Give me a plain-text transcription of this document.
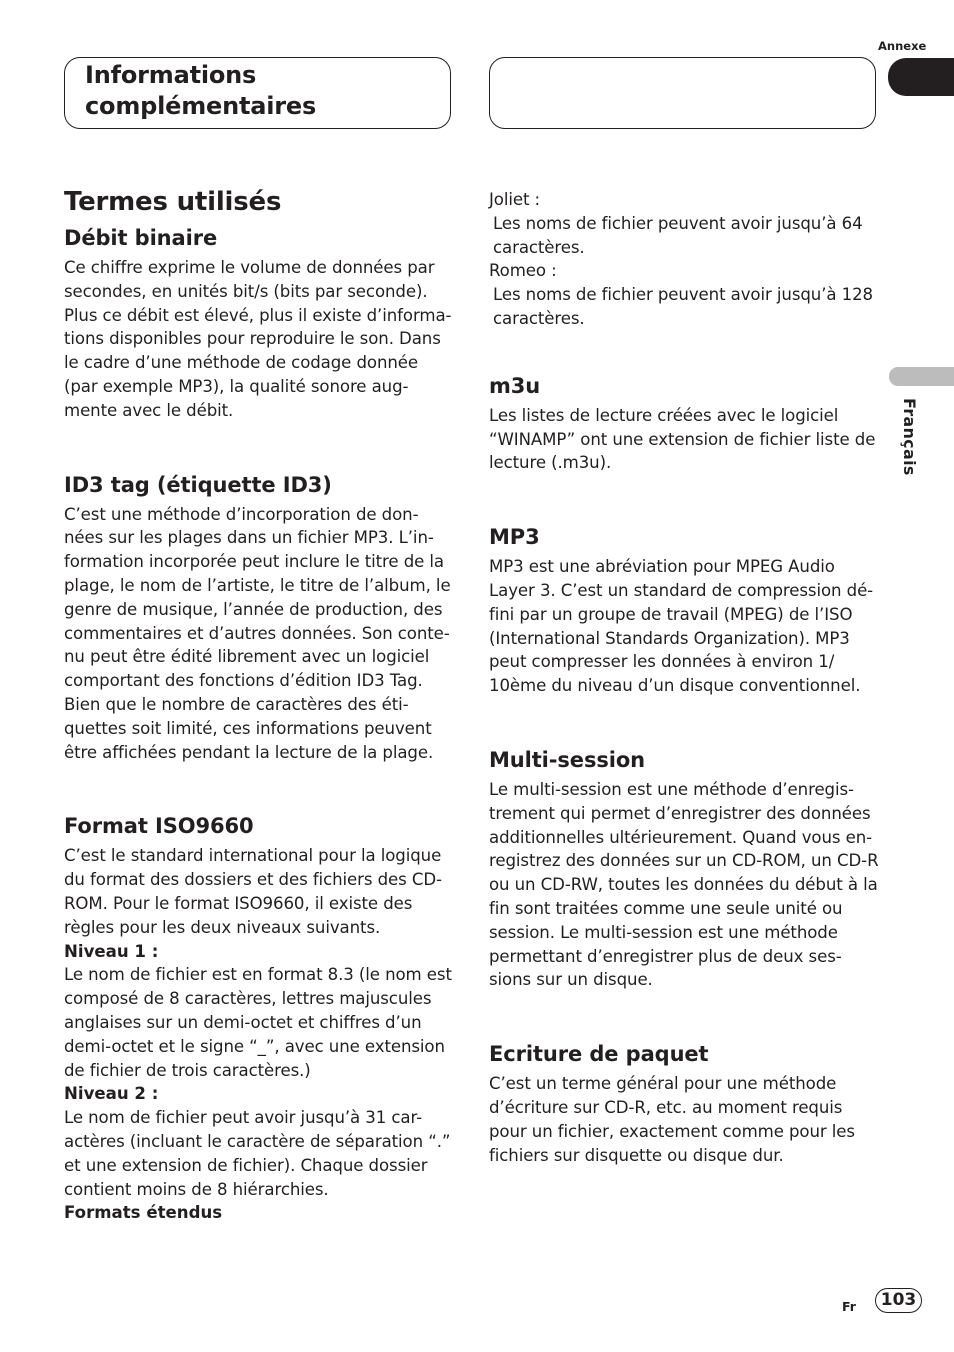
Informations
complémentaires
Annexe
Français
Termes utilisés
Débit binaire

Ce chiffre exprime le volume de données par secondes, en unités bit/s (bits par seconde). Plus ce débit est élevé, plus il existe d’informa-tions disponibles pour reproduire le son. Dans le cadre d’une méthode de codage donnée (par exemple MP3), la qualité sonore aug-mente avec le débit.

ID3 tag (étiquette ID3)

C’est une méthode d’incorporation de don-nées sur les plages dans un fichier MP3. L’in-formation incorporée peut inclure le titre de la plage, le nom de l’artiste, le titre de l’album, le genre de musique, l’année de production, des commentaires et d’autres données. Son conte-nu peut être édité librement avec un logiciel comportant des fonctions d’édition ID3 Tag. Bien que le nombre de caractères des éti-quettes soit limité, ces informations peuvent être affichées pendant la lecture de la plage.

Format ISO9660

C’est le standard international pour la logique du format des dossiers et des fichiers des CD-ROM. Pour le format ISO9660, il existe des règles pour les deux niveaux suivants.

Niveau 1 :

Le nom de fichier est en format 8.3 (le nom est composé de 8 caractères, lettres majuscules anglaises sur un demi-octet et chiffres d’un demi-octet et le signe “_”, avec une extension de fichier de trois caractères.)

Niveau 2 :

Le nom de fichier peut avoir jusqu’à 31 car-actères (incluant le caractère de séparation “.” et une extension de fichier). Chaque dossier contient moins de 8 hiérarchies.

Formats étendus

Joliet :

Les noms de fichier peuvent avoir jusqu’à 64 caractères.

Romeo :

Les noms de fichier peuvent avoir jusqu’à 128 caractères.

m3u

Les listes de lecture créées avec le logiciel “WINAMP” ont une extension de fichier liste de lecture (.m3u).

MP3

MP3 est une abréviation pour MPEG Audio Layer 3. C’est un standard de compression dé-fini par un groupe de travail (MPEG) de l’ISO (International Standards Organization). MP3 peut compresser les données à environ 1/ 10ème du niveau d’un disque conventionnel.

Multi-session

Le multi-session est une méthode d’enregis-trement qui permet d’enregistrer des données additionnelles ultérieurement. Quand vous en-registrez des données sur un CD-ROM, un CD-R ou un CD-RW, toutes les données du début à la fin sont traitées comme une seule unité ou session. Le multi-session est une méthode permettant d’enregistrer plus de deux ses-sions sur un disque.

Ecriture de paquet

C’est un terme général pour une méthode d’écriture sur CD-R, etc. au moment requis pour un fichier, exactement comme pour les fichiers sur disquette ou disque dur.

Fr	103
